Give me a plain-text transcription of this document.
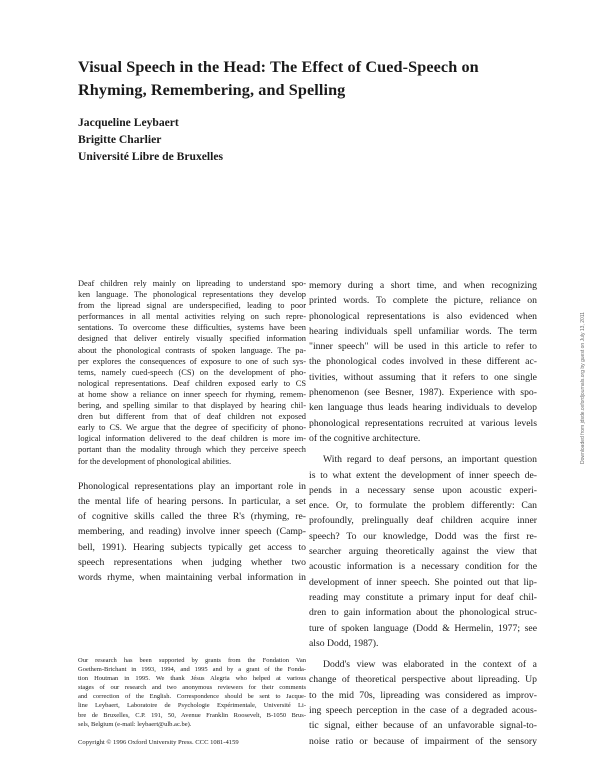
Visual Speech in the Head: The Effect of Cued-Speech on Rhyming, Remembering, and Spelling
Jacqueline Leybaert
Brigitte Charlier
Université Libre de Bruxelles
Deaf children rely mainly on lipreading to understand spo-
ken language. The phonological representations they develop
from the lipread signal are underspecified, leading to poor
performances in all mental activities relying on such repre-
sentations. To overcome these difficulties, systems have been
designed that deliver entirely visually specified information
about the phonological contrasts of spoken language. The pa-
per explores the consequences of exposure to one of such sys-
tems, namely cued-speech (CS) on the development of pho-
nological representations. Deaf children exposed early to CS
at home show a reliance on inner speech for rhyming, remem-
bering, and spelling similar to that displayed by hearing chil-
dren but different from that of deaf children not exposed
early to CS. We argue that the degree of specificity of phono-
logical information delivered to the deaf children is more im-
portant than the modality through which they perceive speech
for the development of phonological abilities.
Phonological representations play an important role in
the mental life of hearing persons. In particular, a set
of cognitive skills called the three R's (rhyming, re-
membering, and reading) involve inner speech (Camp-
bell, 1991). Hearing subjects typically get access to
speech representations when judging whether two
words rhyme, when maintaining verbal information in
Our research has been supported by grants from the Fondation Van
Goethem-Brichant in 1993, 1994, and 1995 and by a grant of the Fonda-
tion Houtman in 1995. We thank Jésus Alegria who helped at various
stages of our research and two anonymous reviewers for their comments
and correction of the English. Correspondence should be sent to Jacque-
line Leybaert, Laboratoire de Psychologie Expérimentale, Université Li-
bre de Bruxelles, C.P. 191, 50, Avenue Franklin Roosevelt, B-1050 Brus-
sels, Belgium (e-mail: leybaert@ulb.ac.be).
Copyright © 1996 Oxford University Press. CCC 1081-4159
memory during a short time, and when recognizing
printed words. To complete the picture, reliance on
phonological representations is also evidenced when
hearing individuals spell unfamiliar words. The term
"inner speech" will be used in this article to refer to
the phonological codes involved in these different ac-
tivities, without assuming that it refers to one single
phenomenon (see Besner, 1987). Experience with spo-
ken language thus leads hearing individuals to develop
phonological representations recruited at various levels
of the cognitive architecture.
With regard to deaf persons, an important question
is to what extent the development of inner speech de-
pends in a necessary sense upon acoustic experi-
ence. Or, to formulate the problem differently: Can
profoundly, prelingually deaf children acquire inner
speech? To our knowledge, Dodd was the first re-
searcher arguing theoretically against the view that
acoustic information is a necessary condition for the
development of inner speech. She pointed out that lip-
reading may constitute a primary input for deaf chil-
dren to gain information about the phonological struc-
ture of spoken language (Dodd & Hermelin, 1977; see
also Dodd, 1987).
Dodd's view was elaborated in the context of a
change of theoretical perspective about lipreading. Up
to the mid 70s, lipreading was considered as improv-
ing speech perception in the case of a degraded acous-
tic signal, either because of an unfavorable signal-to-
noise ratio or because of impairment of the sensory
Downloaded from jdsde.oxfordjournals.org by guest on July 13, 2011
